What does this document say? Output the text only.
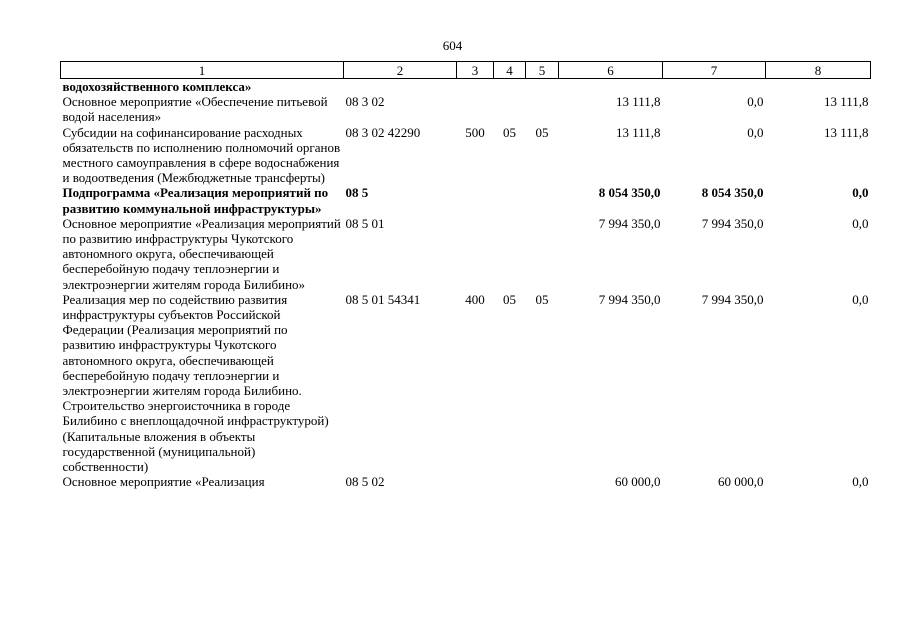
604
1	2	3	4	5	6	7	8
водохозяйственного комплекса»							
Основное мероприятие «Обеспечение питьевой водой населения»	08 3 02				13 111,8	0,0	13 111,8
Субсидии на софинансирование расходных обязательств по исполнению полномочий органов местного самоуправления в сфере водоснабжения и водоотведения (Межбюджетные трансферты)	08 3 02 42290	500	05	05	13 111,8	0,0	13 111,8
Подпрограмма «Реализация мероприятий по развитию коммунальной инфраструктуры»	08 5				8 054 350,0	8 054 350,0	0,0
Основное мероприятие «Реализация мероприятий по развитию инфраструктуры Чукотского автономного округа, обеспечивающей бесперебойную подачу теплоэнергии и электроэнергии жителям города Билибино»	08 5 01				7 994 350,0	7 994 350,0	0,0
Реализация мер по содействию развития инфраструктуры субъектов Российской Федерации (Реализация мероприятий по развитию инфраструктуры Чукотского автономного округа, обеспечивающей бесперебойную подачу теплоэнергии и электроэнергии жителям города Билибино. Строительство энергоисточника в городе Билибино с внеплощадочной инфраструктурой) (Капитальные вложения в объекты государственной (муниципальной) собственности)	08 5 01 54341	400	05	05	7 994 350,0	7 994 350,0	0,0
Основное мероприятие «Реализация	08 5 02				60 000,0	60 000,0	0,0
